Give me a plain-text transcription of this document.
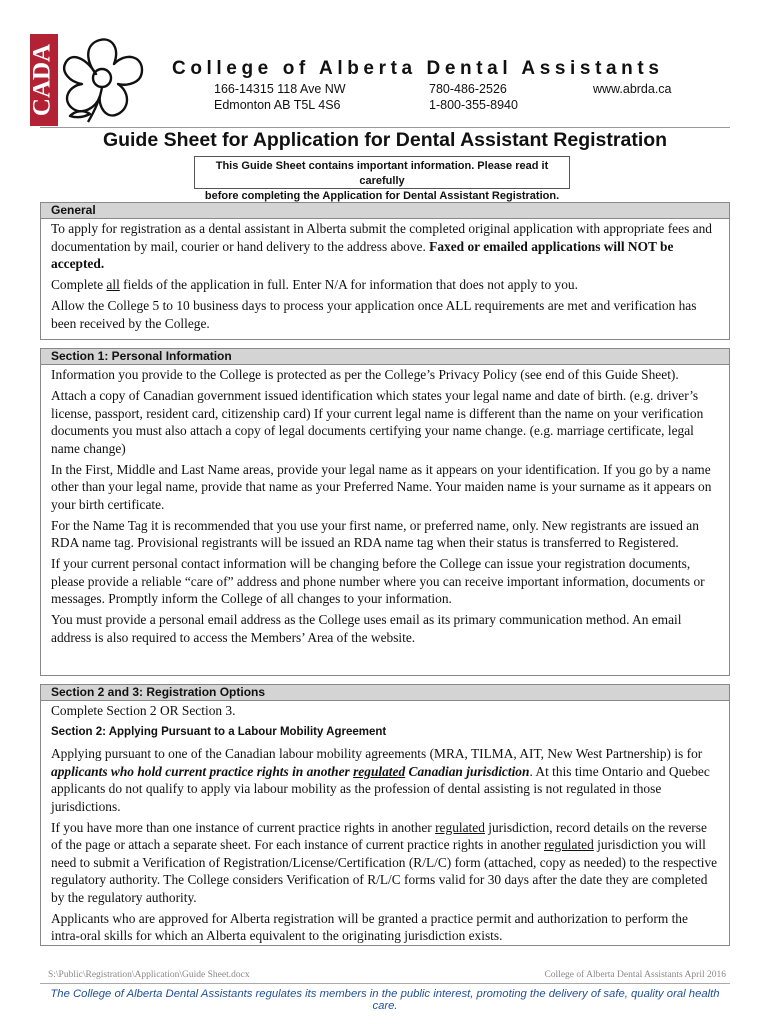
CADA	College of Alberta Dental Assistants
166-14315 118 Ave NW
Edmonton AB T5L 4S6
780-486-2526
1-800-355-8940
www.abrda.ca
Guide Sheet for Application for Dental Assistant Registration
This Guide Sheet contains important information. Please read it carefully
before completing the Application for Dental Assistant Registration.
General

To apply for registration as a dental assistant in Alberta submit the completed original application with appropriate fees and documentation by mail, courier or hand delivery to the address above. Faxed or emailed applications will NOT be accepted.

Complete all fields of the application in full. Enter N/A for information that does not apply to you.

Allow the College 5 to 10 business days to process your application once ALL requirements are met and verification has been received by the College.

Section 1: Personal Information

Information you provide to the College is protected as per the College’s Privacy Policy (see end of this Guide Sheet).

Attach a copy of Canadian government issued identification which states your legal name and date of birth. (e.g. driver’s license, passport, resident card, citizenship card) If your current legal name is different than the name on your verification documents you must also attach a copy of legal documents certifying your name change. (e.g. marriage certificate, legal name change)

In the First, Middle and Last Name areas, provide your legal name as it appears on your identification. If you go by a name other than your legal name, provide that name as your Preferred Name. Your maiden name is your surname as it appears on your birth certificate.

For the Name Tag it is recommended that you use your first name, or preferred name, only. New registrants are issued an RDA name tag. Provisional registrants will be issued an RDA name tag when their status is transferred to Registered.

If your current personal contact information will be changing before the College can issue your registration documents, please provide a reliable “care of” address and phone number where you can receive important information, documents or messages. Promptly inform the College of all changes to your information.

You must provide a personal email address as the College uses email as its primary communication method. An email address is also required to access the Members’ Area of the website.

Section 2 and 3: Registration Options

Complete Section 2 OR Section 3.

Section 2: Applying Pursuant to a Labour Mobility Agreement

Applying pursuant to one of the Canadian labour mobility agreements (MRA, TILMA, AIT, New West Partnership) is for applicants who hold current practice rights in another regulated Canadian jurisdiction. At this time Ontario and Quebec applicants do not qualify to apply via labour mobility as the profession of dental assisting is not regulated in those jurisdictions.

If you have more than one instance of current practice rights in another regulated jurisdiction, record details on the reverse of the page or attach a separate sheet. For each instance of current practice rights in another regulated jurisdiction you will need to submit a Verification of Registration/License/Certification (R/L/C) form (attached, copy as needed) to the respective regulatory authority. The College considers Verification of R/L/C forms valid for 30 days after the date they are completed by the regulatory authority.

Applicants who are approved for Alberta registration will be granted a practice permit and authorization to perform the intra-oral skills for which an Alberta equivalent to the originating jurisdiction exists.

S:\Public\Registration\Application\Guide Sheet.docx	College of Alberta Dental Assistants April 2016
The College of Alberta Dental Assistants regulates its members in the public interest, promoting the delivery of safe, quality oral health care.
